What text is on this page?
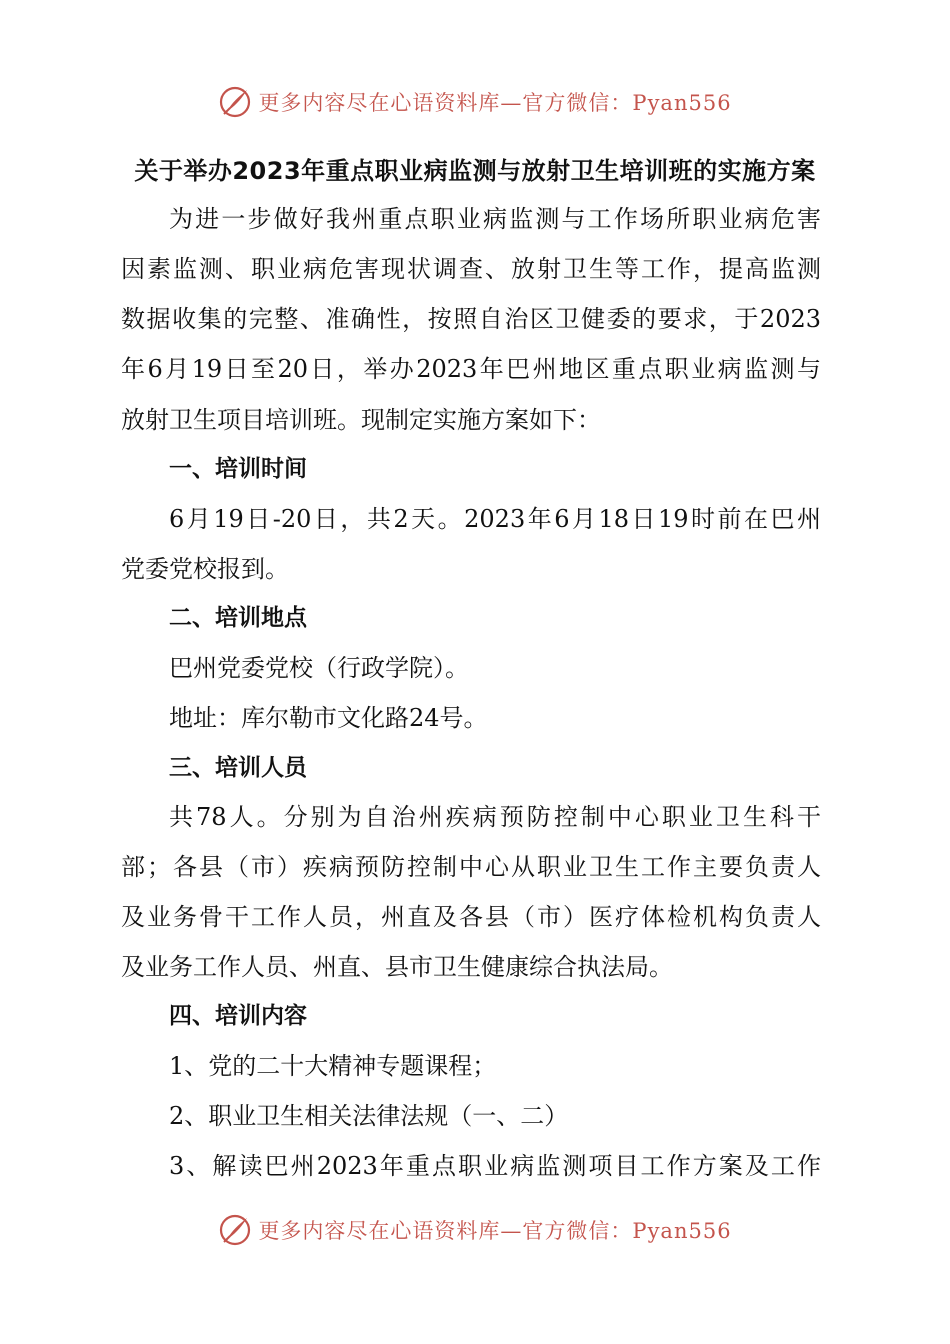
更多内容尽在心语资料库—官方微信：Pyan556
关于举办2023年重点职业病监测与放射卫生培训班的实施方案
为进一步做好我州重点职业病监测与工作场所职业病危害
因素监测、职业病危害现状调查、放射卫生等工作，提高监测
数据收集的完整、准确性，按照自治区卫健委的要求，于2023
年6月19日至20日，举办2023年巴州地区重点职业病监测与
放射卫生项目培训班。现制定实施方案如下：
一、培训时间
6月19日-20日，共2天。2023年6月18日19时前在巴州
党委党校报到。
二、培训地点
巴州党委党校（行政学院）。
地址：库尔勒市文化路24号。
三、培训人员
共78人。分别为自治州疾病预防控制中心职业卫生科干
部；各县（市）疾病预防控制中心从职业卫生工作主要负责人
及业务骨干工作人员，州直及各县（市）医疗体检机构负责人
及业务工作人员、州直、县市卫生健康综合执法局。
四、培训内容
1、党的二十大精神专题课程；
2、职业卫生相关法律法规（一、二）
3、解读巴州2023年重点职业病监测项目工作方案及工作
更多内容尽在心语资料库—官方微信：Pyan556
